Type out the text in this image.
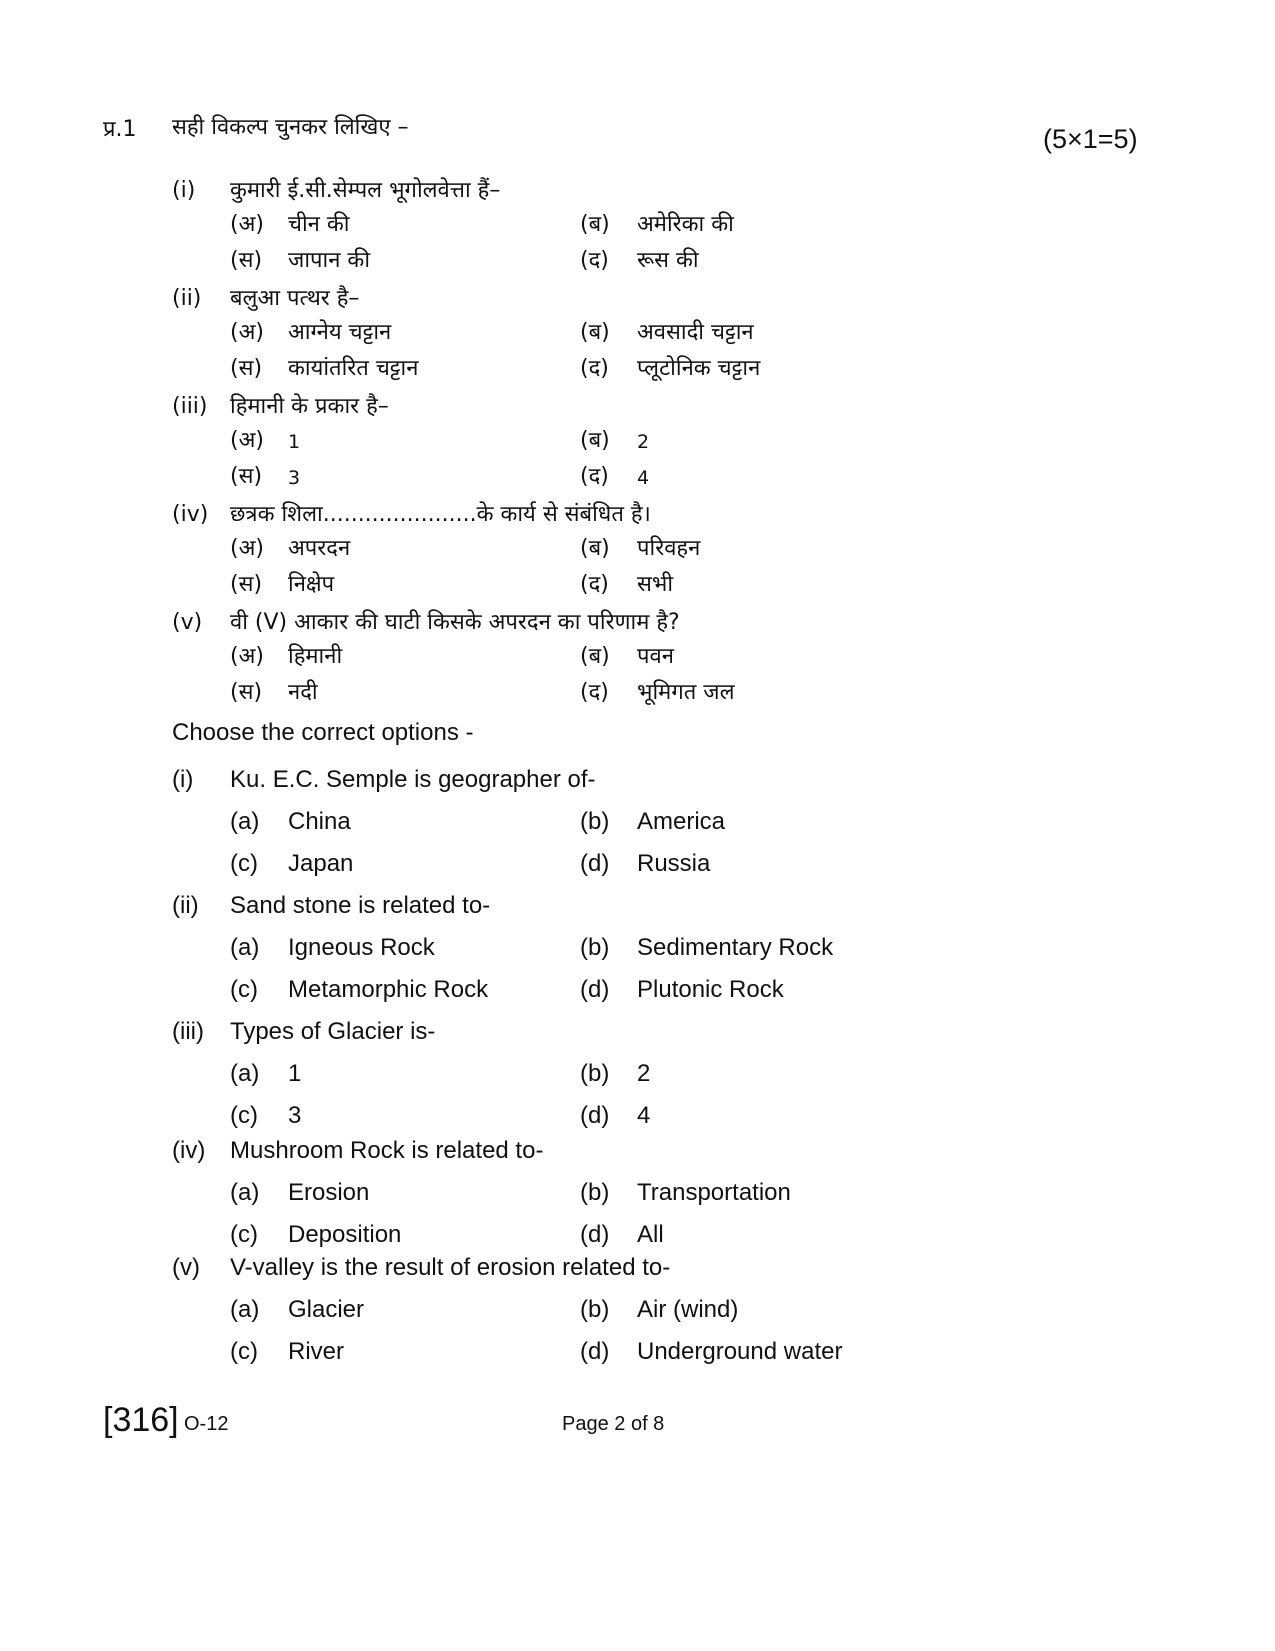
प्र.1 सही विकल्प चुनकर लिखिए –	(5×1=5)
(i) कुमारी ई.सी.सेम्पल भूगोलवेत्ता हैं–
(अ) चीन की	(ब) अमेरिका की
(स) जापान की	(द) रूस की
(ii) बलुआ पत्थर है–
(अ) आग्नेय चट्टान	(ब) अवसादी चट्टान
(स) कायांतरित चट्टान	(द) प्लूटोनिक चट्टान
(iii) हिमानी के प्रकार है–
(अ) 1	(ब) 2
(स) 3	(द) 4
(iv) छत्रक शिला......................के कार्य से संबंधित है।
(अ) अपरदन	(ब) परिवहन
(स) निक्षेप	(द) सभी
(v) वी (V) आकार की घाटी किसके अपरदन का परिणाम है?
(अ) हिमानी	(ब) पवन
(स) नदी	(द) भूमिगत जल
Choose the correct options -
(i) Ku. E.C. Semple is geographer of-
(a) China	(b) America
(c) Japan	(d) Russia
(ii) Sand stone is related to-
(a) Igneous Rock	(b) Sedimentary Rock
(c) Metamorphic Rock	(d) Plutonic Rock
(iii) Types of Glacier is-
(a) 1	(b) 2
(c) 3	(d) 4
(iv) Mushroom Rock is related to-
(a) Erosion	(b) Transportation
(c) Deposition	(d) All
(v) V-valley is the result of erosion related to-
(a) Glacier	(b) Air (wind)
(c) River	(d) Underground water
[316] O-12	Page 2 of 8
